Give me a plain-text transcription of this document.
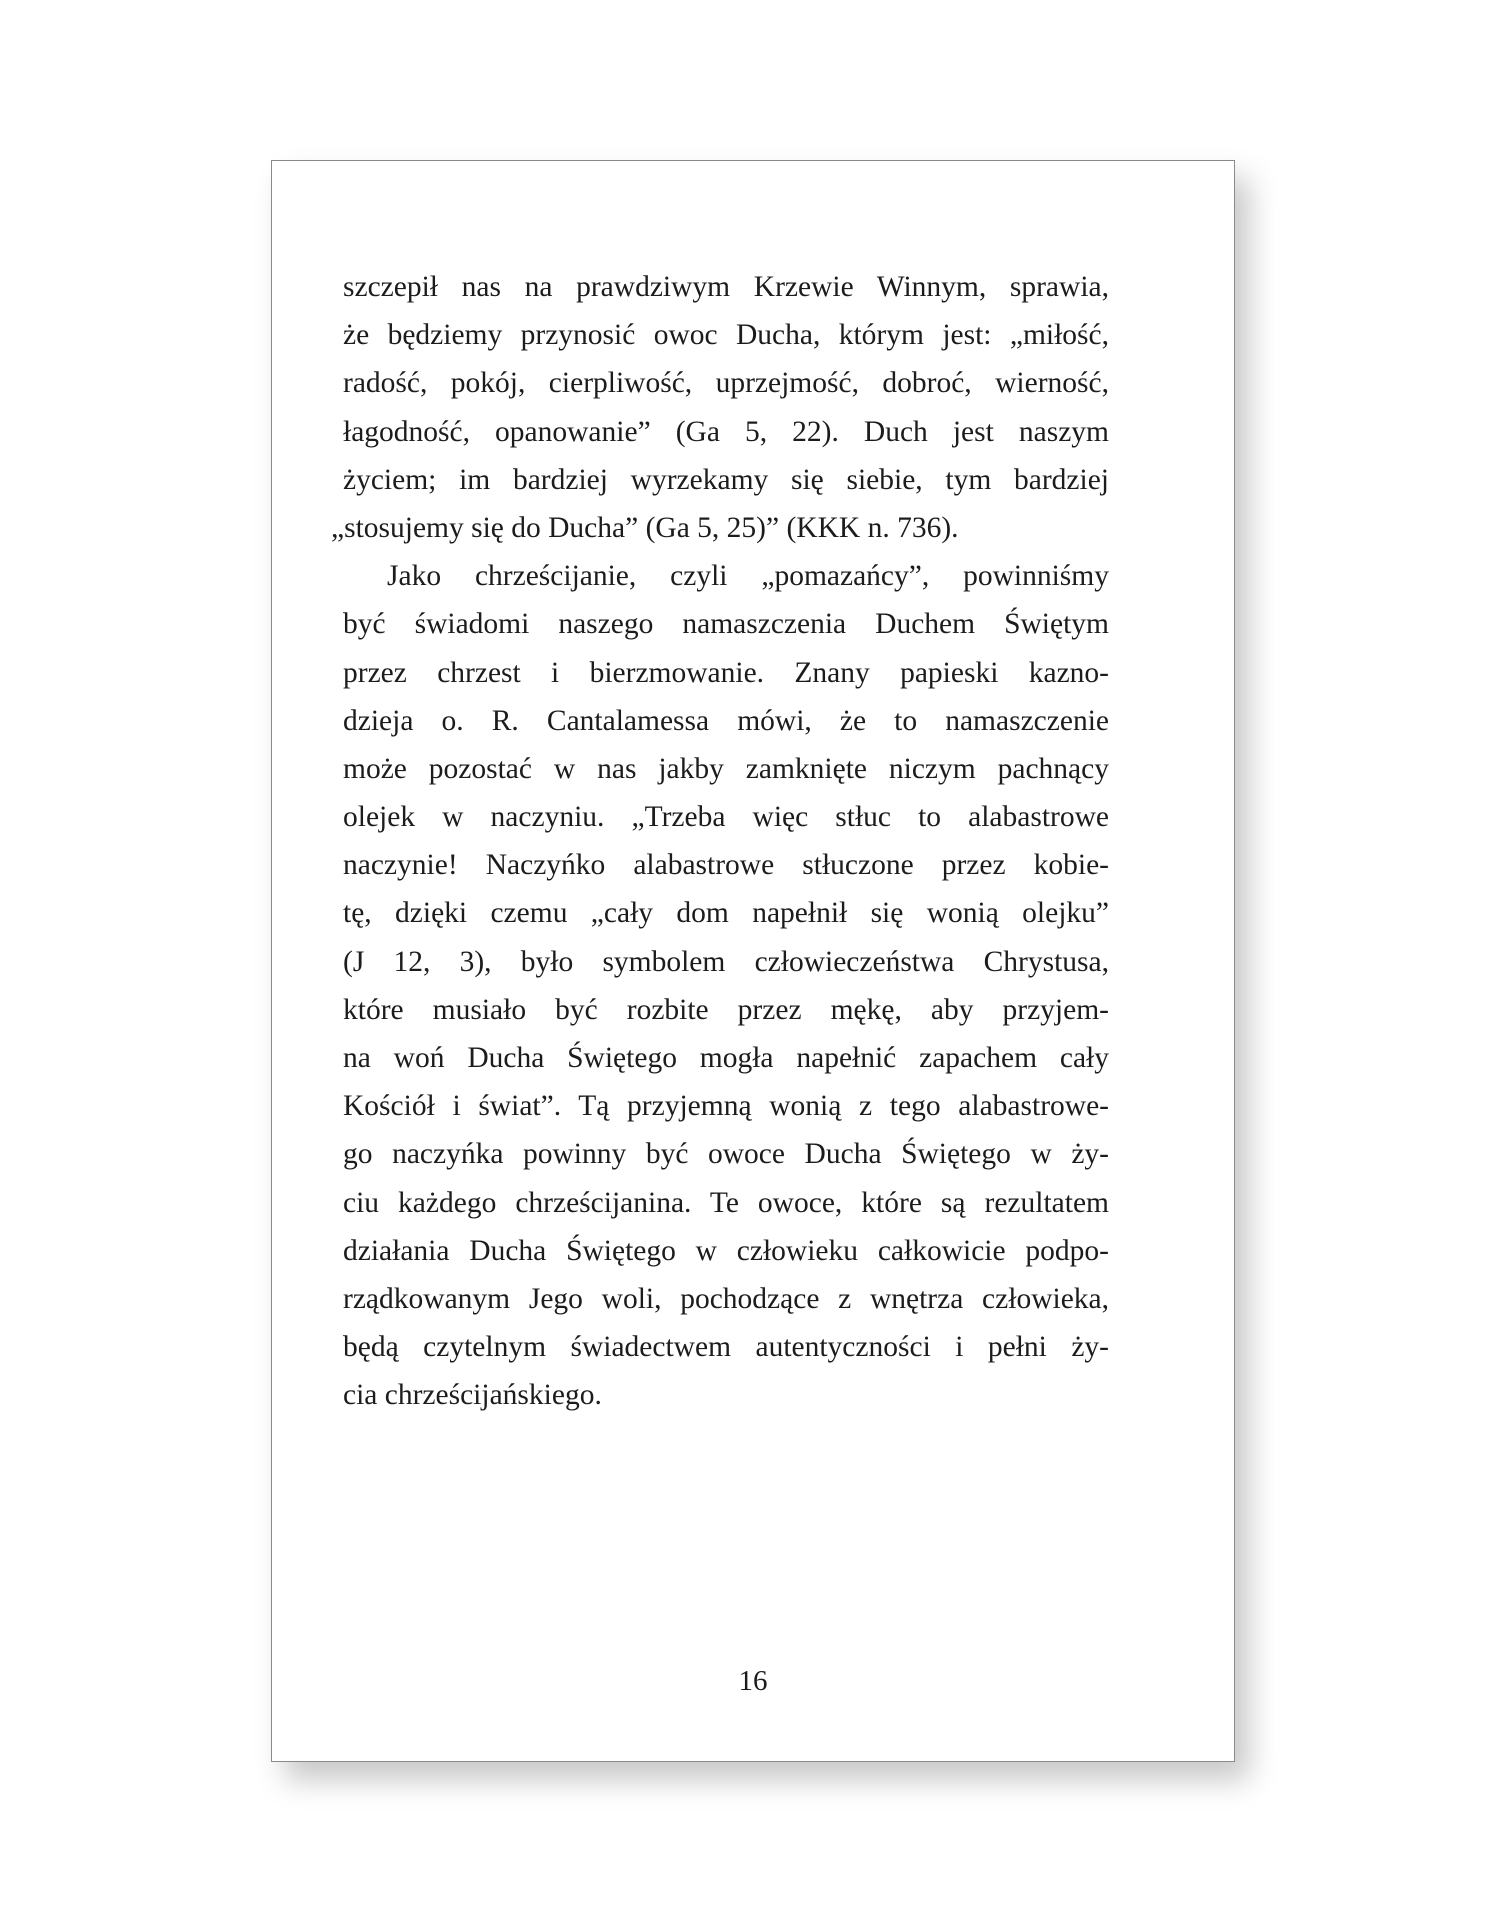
szczepił nas na prawdziwym Krzewie Winnym, sprawia,
że będziemy przynosić owoc Ducha, którym jest: „miłość,
radość, pokój, cierpliwość, uprzejmość, dobroć, wierność,
łagodność, opanowanie” (Ga 5, 22). Duch jest naszym
życiem; im bardziej wyrzekamy się siebie, tym bardziej
„stosujemy się do Ducha” (Ga 5, 25)” (KKK n. 736).
Jako chrześcijanie, czyli „pomazańcy”, powinniśmy
być świadomi naszego namaszczenia Duchem Świętym
przez chrzest i bierzmowanie. Znany papieski kazno-
dzieja o. R. Cantalamessa mówi, że to namaszczenie
może pozostać w nas jakby zamknięte niczym pachnący
olejek w naczyniu. „Trzeba więc stłuc to alabastrowe
naczynie! Naczyńko alabastrowe stłuczone przez kobie-
tę, dzięki czemu „cały dom napełnił się wonią olejku”
(J 12, 3), było symbolem człowieczeństwa Chrystusa,
które musiało być rozbite przez mękę, aby przyjem-
na woń Ducha Świętego mogła napełnić zapachem cały
Kościół i świat”. Tą przyjemną wonią z tego alabastrowe-
go naczyńka powinny być owoce Ducha Świętego w ży-
ciu każdego chrześcijanina. Te owoce, które są rezultatem
działania Ducha Świętego w człowieku całkowicie podpo-
rządkowanym Jego woli, pochodzące z wnętrza człowieka,
będą czytelnym świadectwem autentyczności i pełni ży-
cia chrześcijańskiego.
16
